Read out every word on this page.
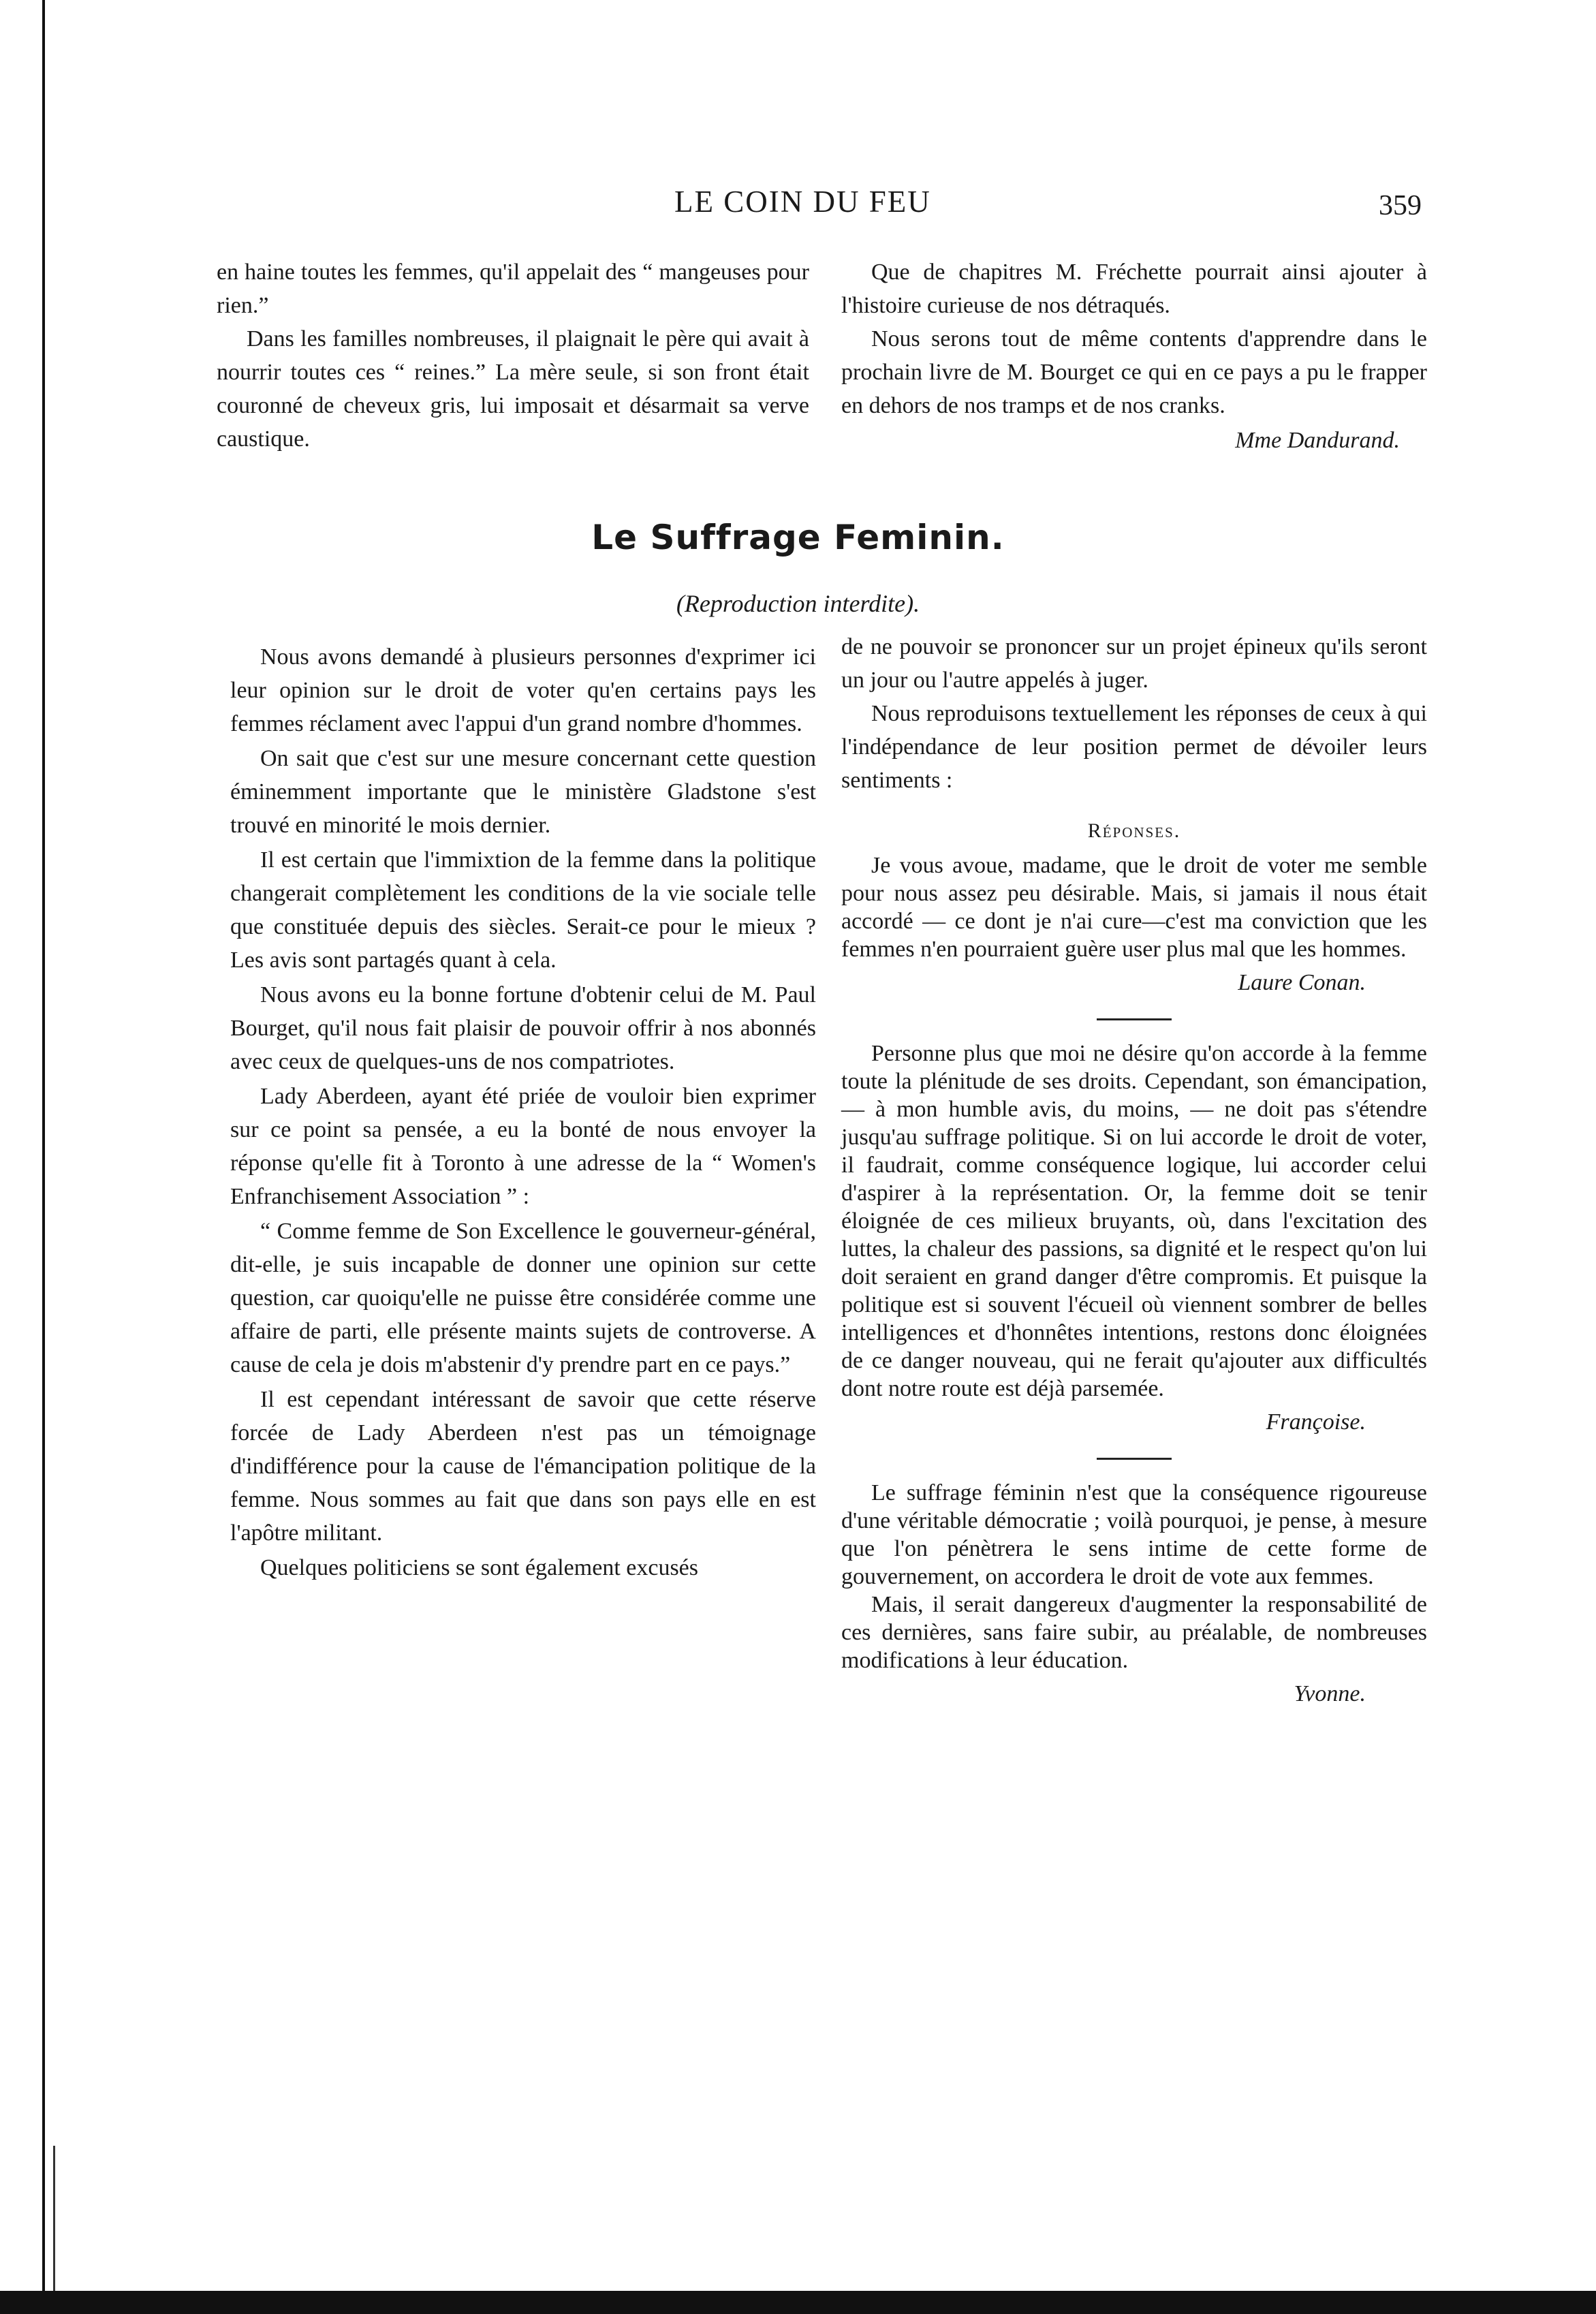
LE COIN DU FEU	359

en haine toutes les femmes, qu'il appelait des “ mangeuses pour rien.”

Dans les familles nombreuses, il plaignait le père qui avait à nourrir toutes ces “ reines.” La mère seule, si son front était couronné de cheveux gris, lui imposait et désarmait sa verve caustique.

Que de chapitres M. Fréchette pourrait ainsi ajouter à l'histoire curieuse de nos détraqués.

Nous serons tout de même contents d'apprendre dans le prochain livre de M. Bourget ce qui en ce pays a pu le frapper en dehors de nos tramps et de nos cranks.

Mme Dandurand.
Le Suffrage Feminin.
(Reproduction interdite).

Nous avons demandé à plusieurs personnes d'exprimer ici leur opinion sur le droit de voter qu'en certains pays les femmes réclament avec l'appui d'un grand nombre d'hommes.

On sait que c'est sur une mesure concernant cette question éminemment importante que le ministère Gladstone s'est trouvé en minorité le mois dernier.

Il est certain que l'immixtion de la femme dans la politique changerait complètement les conditions de la vie sociale telle que constituée depuis des siècles. Serait-ce pour le mieux ? Les avis sont partagés quant à cela.

Nous avons eu la bonne fortune d'obtenir celui de M. Paul Bourget, qu'il nous fait plaisir de pouvoir offrir à nos abonnés avec ceux de quelques-uns de nos compatriotes.

Lady Aberdeen, ayant été priée de vouloir bien exprimer sur ce point sa pensée, a eu la bonté de nous envoyer la réponse qu'elle fit à Toronto à une adresse de la “ Women's Enfranchisement Association ” :

“ Comme femme de Son Excellence le gouverneur-général, dit-elle, je suis incapable de donner une opinion sur cette question, car quoiqu'elle ne puisse être considérée comme une affaire de parti, elle présente maints sujets de controverse. A cause de cela je dois m'abstenir d'y prendre part en ce pays.”

Il est cependant intéressant de savoir que cette réserve forcée de Lady Aberdeen n'est pas un témoignage d'indifférence pour la cause de l'émancipation politique de la femme. Nous sommes au fait que dans son pays elle en est l'apôtre militant.

Quelques politiciens se sont également excusés

de ne pouvoir se prononcer sur un projet épineux qu'ils seront un jour ou l'autre appelés à juger.

Nous reproduisons textuellement les réponses de ceux à qui l'indépendance de leur position permet de dévoiler leurs sentiments :

Réponses.

Je vous avoue, madame, que le droit de voter me semble pour nous assez peu désirable. Mais, si jamais il nous était accordé — ce dont je n'ai cure—c'est ma conviction que les femmes n'en pourraient guère user plus mal que les hommes.

Laure Conan.

Personne plus que moi ne désire qu'on accorde à la femme toute la plénitude de ses droits. Cependant, son émancipation, — à mon humble avis, du moins, — ne doit pas s'étendre jusqu'au suffrage politique. Si on lui accorde le droit de voter, il faudrait, comme conséquence logique, lui accorder celui d'aspirer à la représentation. Or, la femme doit se tenir éloignée de ces milieux bruyants, où, dans l'excitation des luttes, la chaleur des passions, sa dignité et le respect qu'on lui doit seraient en grand danger d'être compromis. Et puisque la politique est si souvent l'écueil où viennent sombrer de belles intelligences et d'honnêtes intentions, restons donc éloignées de ce danger nouveau, qui ne ferait qu'ajouter aux difficultés dont notre route est déjà parsemée.

Françoise.

Le suffrage féminin n'est que la conséquence rigoureuse d'une véritable démocratie ; voilà pourquoi, je pense, à mesure que l'on pénètrera le sens intime de cette forme de gouvernement, on accordera le droit de vote aux femmes.

Mais, il serait dangereux d'augmenter la responsabilité de ces dernières, sans faire subir, au préalable, de nombreuses modifications à leur éducation.

Yvonne.
